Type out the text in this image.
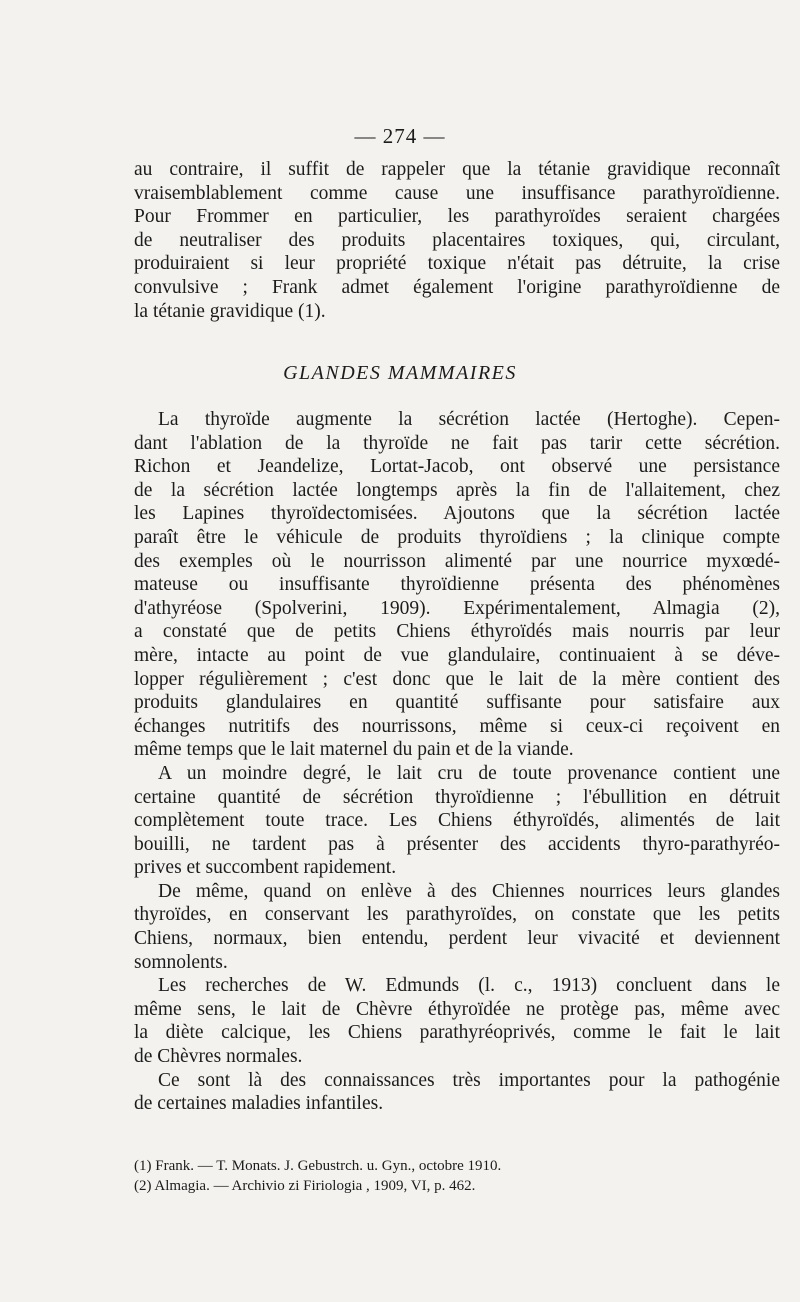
— 274 —
au contraire, il suffit de rappeler que la tétanie gravidique reconnaît
vraisemblablement comme cause une insuffisance parathyroïdienne.
Pour Frommer en particulier, les parathyroïdes seraient chargées
de neutraliser des produits placentaires toxiques, qui, circulant,
produiraient si leur propriété toxique n'était pas détruite, la crise
convulsive ; Frank admet également l'origine parathyroïdienne de
la tétanie gravidique (1).
GLANDES MAMMAIRES
La thyroïde augmente la sécrétion lactée (Hertoghe). Cepen-
dant l'ablation de la thyroïde ne fait pas tarir cette sécrétion.
Richon et Jeandelize, Lortat-Jacob, ont observé une persistance
de la sécrétion lactée longtemps après la fin de l'allaitement, chez
les Lapines thyroïdectomisées. Ajoutons que la sécrétion lactée
paraît être le véhicule de produits thyroïdiens ; la clinique compte
des exemples où le nourrisson alimenté par une nourrice myxœdé-
mateuse ou insuffisante thyroïdienne présenta des phénomènes
d'athyréose (Spolverini, 1909). Expérimentalement, Almagia (2),
a constaté que de petits Chiens éthyroïdés mais nourris par leur
mère, intacte au point de vue glandulaire, continuaient à se déve-
lopper régulièrement ; c'est donc que le lait de la mère contient des
produits glandulaires en quantité suffisante pour satisfaire aux
échanges nutritifs des nourrissons, même si ceux-ci reçoivent en
même temps que le lait maternel du pain et de la viande.
A un moindre degré, le lait cru de toute provenance contient une
certaine quantité de sécrétion thyroïdienne ; l'ébullition en détruit
complètement toute trace. Les Chiens éthyroïdés, alimentés de lait
bouilli, ne tardent pas à présenter des accidents thyro-parathyréo-
prives et succombent rapidement.
De même, quand on enlève à des Chiennes nourrices leurs glandes
thyroïdes, en conservant les parathyroïdes, on constate que les petits
Chiens, normaux, bien entendu, perdent leur vivacité et deviennent
somnolents.
Les recherches de W. Edmunds (l. c., 1913) concluent dans le
même sens, le lait de Chèvre éthyroïdée ne protège pas, même avec
la diète calcique, les Chiens parathyréoprivés, comme le fait le lait
de Chèvres normales.
Ce sont là des connaissances très importantes pour la pathogénie
de certaines maladies infantiles.
(1) Frank. — T. Monats. J. Gebustrch. u. Gyn., octobre 1910.
(2) Almagia. — Archivio zi Firiologia , 1909, VI, p. 462.
